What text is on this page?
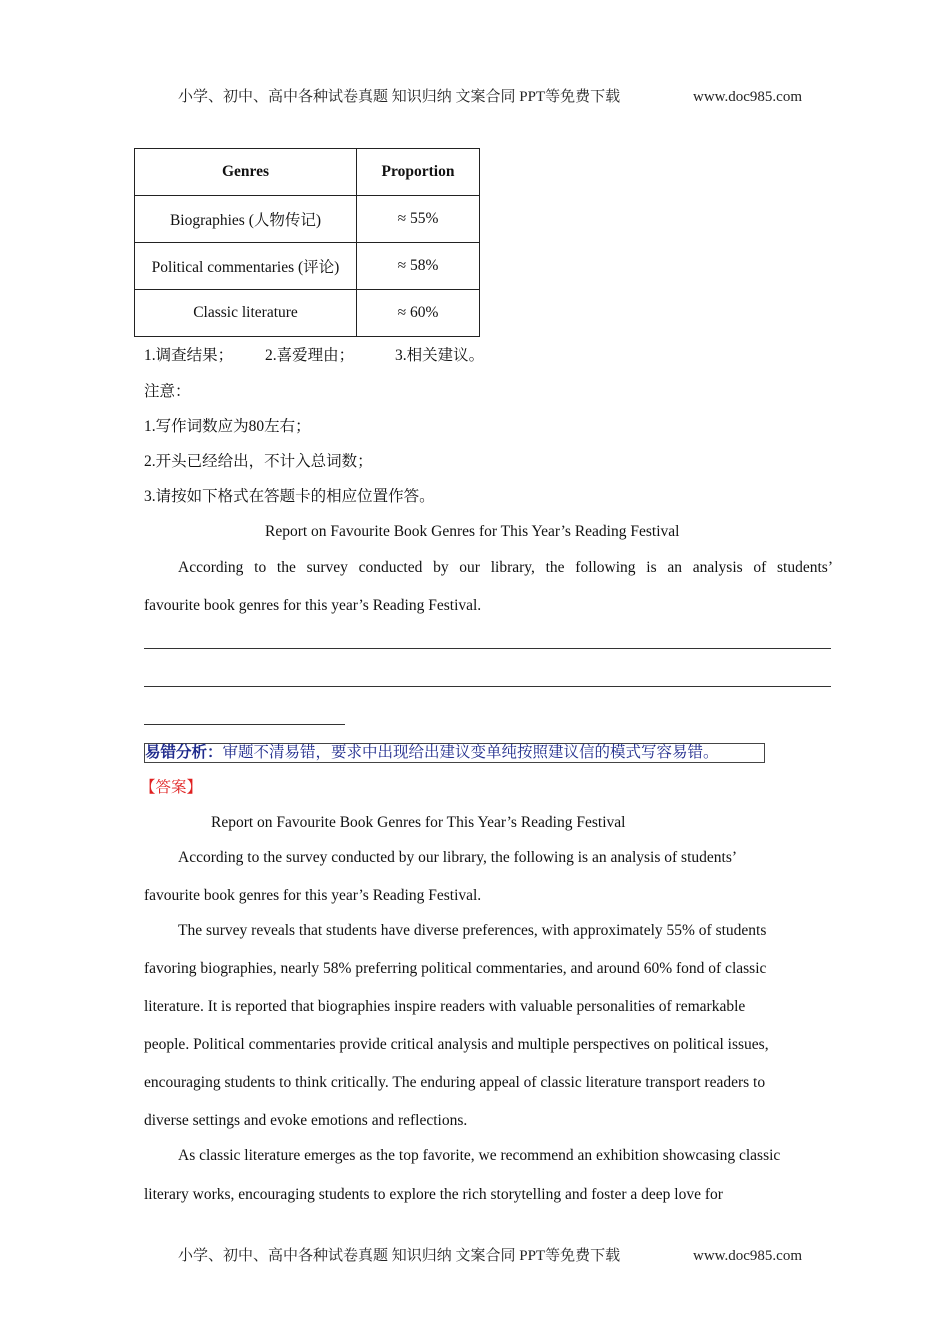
小学、初中、高中各种试卷真题 知识归纳 文案合同 PPT等免费下载	www.doc985.com
Genres	Proportion
Biographies (人物传记)	≈ 55%
Political commentaries (评论)	≈ 58%
Classic literature	≈ 60%
1.调查结果； 2.喜爱理由；	3.相关建议。
注意：
1.写作词数应为80左右；
2.开头已经给出，不计入总词数；
3.请按如下格式在答题卡的相应位置作答。
Report on Favourite Book Genres for This Year’s Reading Festival
According to the survey conducted by our library, the following is an analysis of students’
favourite book genres for this year’s Reading Festival.
易错分析：审题不清易错，要求中出现给出建议变单纯按照建议信的模式写容易错。
【答案】
Report on Favourite Book Genres for This Year’s Reading Festival
According to the survey conducted by our library, the following is an analysis of students’
favourite book genres for this year’s Reading Festival.
The survey reveals that students have diverse preferences, with approximately 55% of students
favoring biographies, nearly 58% preferring political commentaries, and around 60% fond of classic
literature. It is reported that biographies inspire readers with valuable personalities of remarkable
people. Political commentaries provide critical analysis and multiple perspectives on political issues,
encouraging students to think critically. The enduring appeal of classic literature transport readers to
diverse settings and evoke emotions and reflections.
As classic literature emerges as the top favorite, we recommend an exhibition showcasing classic
literary works, encouraging students to explore the rich storytelling and foster a deep love for
小学、初中、高中各种试卷真题 知识归纳 文案合同 PPT等免费下载	www.doc985.com
